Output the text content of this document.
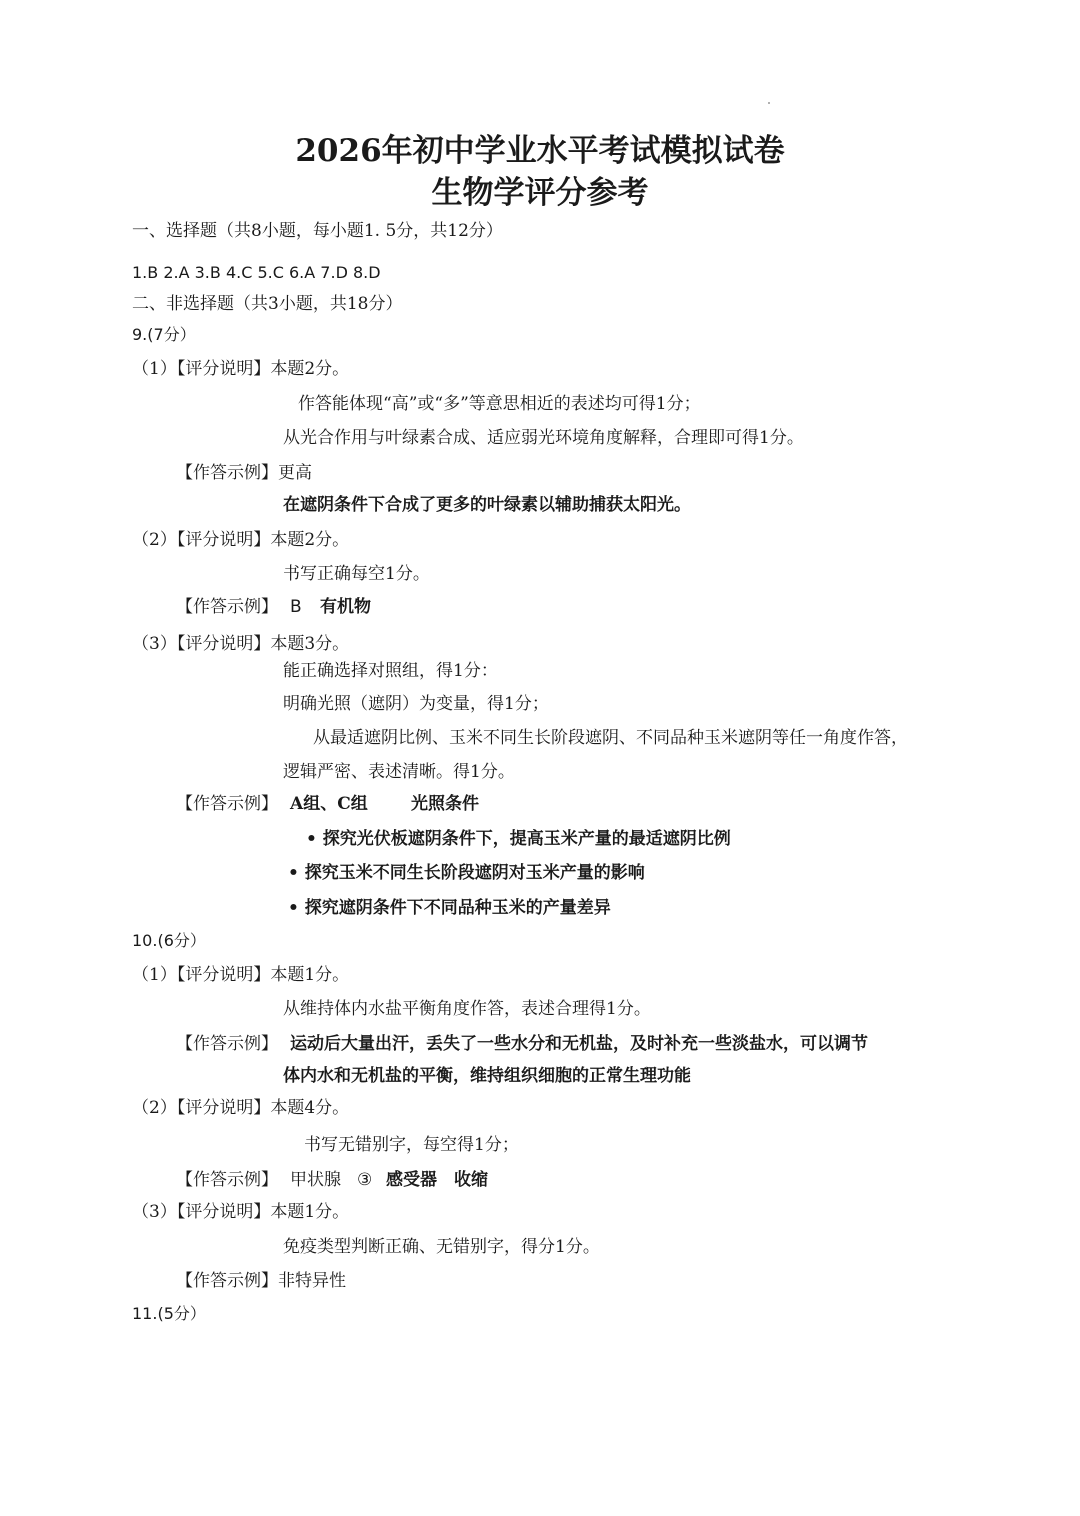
2026年初中学业水平考试模拟试卷
生物学评分参考
一、选择题（共8小题，每小题1. 5分，共12分）
1.B 2.A 3.B 4.C 5.C 6.A 7.D 8.D
二、非选择题（共3小题，共18分）
9.(7分）
（1）【评分说明】本题2分。
作答能体现“高”或“多”等意思相近的表述均可得1分；
从光合作用与叶绿素合成、适应弱光环境角度解释，合理即可得1分。
【作答示例】更高
在遮阴条件下合成了更多的叶绿素以辅助捕获太阳光。
（2）【评分说明】本题2分。
书写正确每空1分。
【作答示例】 B 有机物
（3）【评分说明】本题3分。
能正确选择对照组，得1分：
明确光照（遮阴）为变量，得1分；
从最适遮阴比例、玉米不同生长阶段遮阴、不同品种玉米遮阴等任一角度作答，
逻辑严密、表述清晰。得1分。
【作答示例】 A组、C组	光照条件
• 探究光伏板遮阴条件下，提高玉米产量的最适遮阴比例
• 探究玉米不同生长阶段遮阴对玉米产量的影响
• 探究遮阴条件下不同品种玉米的产量差异
10.(6分）
（1）【评分说明】本题1分。
从维持体内水盐平衡角度作答，表述合理得1分。
【作答示例】 运动后大量出汗，丢失了一些水分和无机盐，及时补充一些淡盐水，可以调节
体内水和无机盐的平衡，维持组织细胞的正常生理功能
（2）【评分说明】本题4分。
书写无错别字，每空得1分；
【作答示例】 甲状腺 ③ 感受器 收缩
（3）【评分说明】本题1分。
免疫类型判断正确、无错别字，得分1分。
【作答示例】非特异性
11.(5分）
